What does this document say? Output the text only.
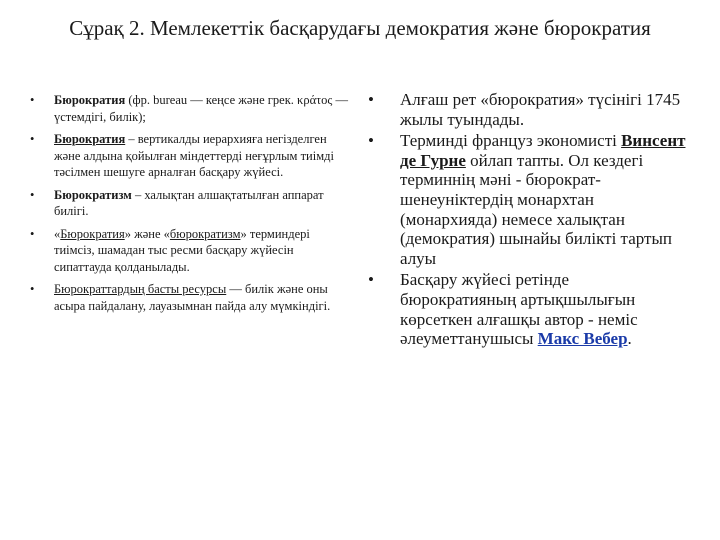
Сұрақ 2. Мемлекеттік басқарудағы демократия және бюрократия
• Бюрократия (фр. bureau — кеңсе және грек. κράτος — үстемдігі, билік);
• Бюрократия – вертикалды иерархияға негізделген және алдына қойылған міндеттерді неғұрлым тиімді тәсілмен шешуге арналған басқару жүйесі.
• Бюрократизм – халықтан алшақтатылған аппарат билігі.
• «Бюрократия» және «бюрократизм» терминдері тиімсіз, шамадан тыс ресми басқару жүйесін сипаттауда қолданылады.
• Бюрократтардың басты ресурсы — билік және оны асыра пайдалану, лауазымнан пайда алу мүмкіндігі.
• Алғаш рет «бюрократия» түсінігі 1745 жылы туындады.
• Терминді француз экономисті Винсент де Гурне ойлап тапты. Ол кездегі терминнің мәні - бюрократ-шенеуніктердің монархтан (монархияда) немесе халықтан (демократия) шынайы билікті тартып алуы
• Басқару жүйесі ретінде бюрократияның артықшылығын көрсеткен алғашқы автор - неміс әлеуметтанушысы Макс Вебер.
